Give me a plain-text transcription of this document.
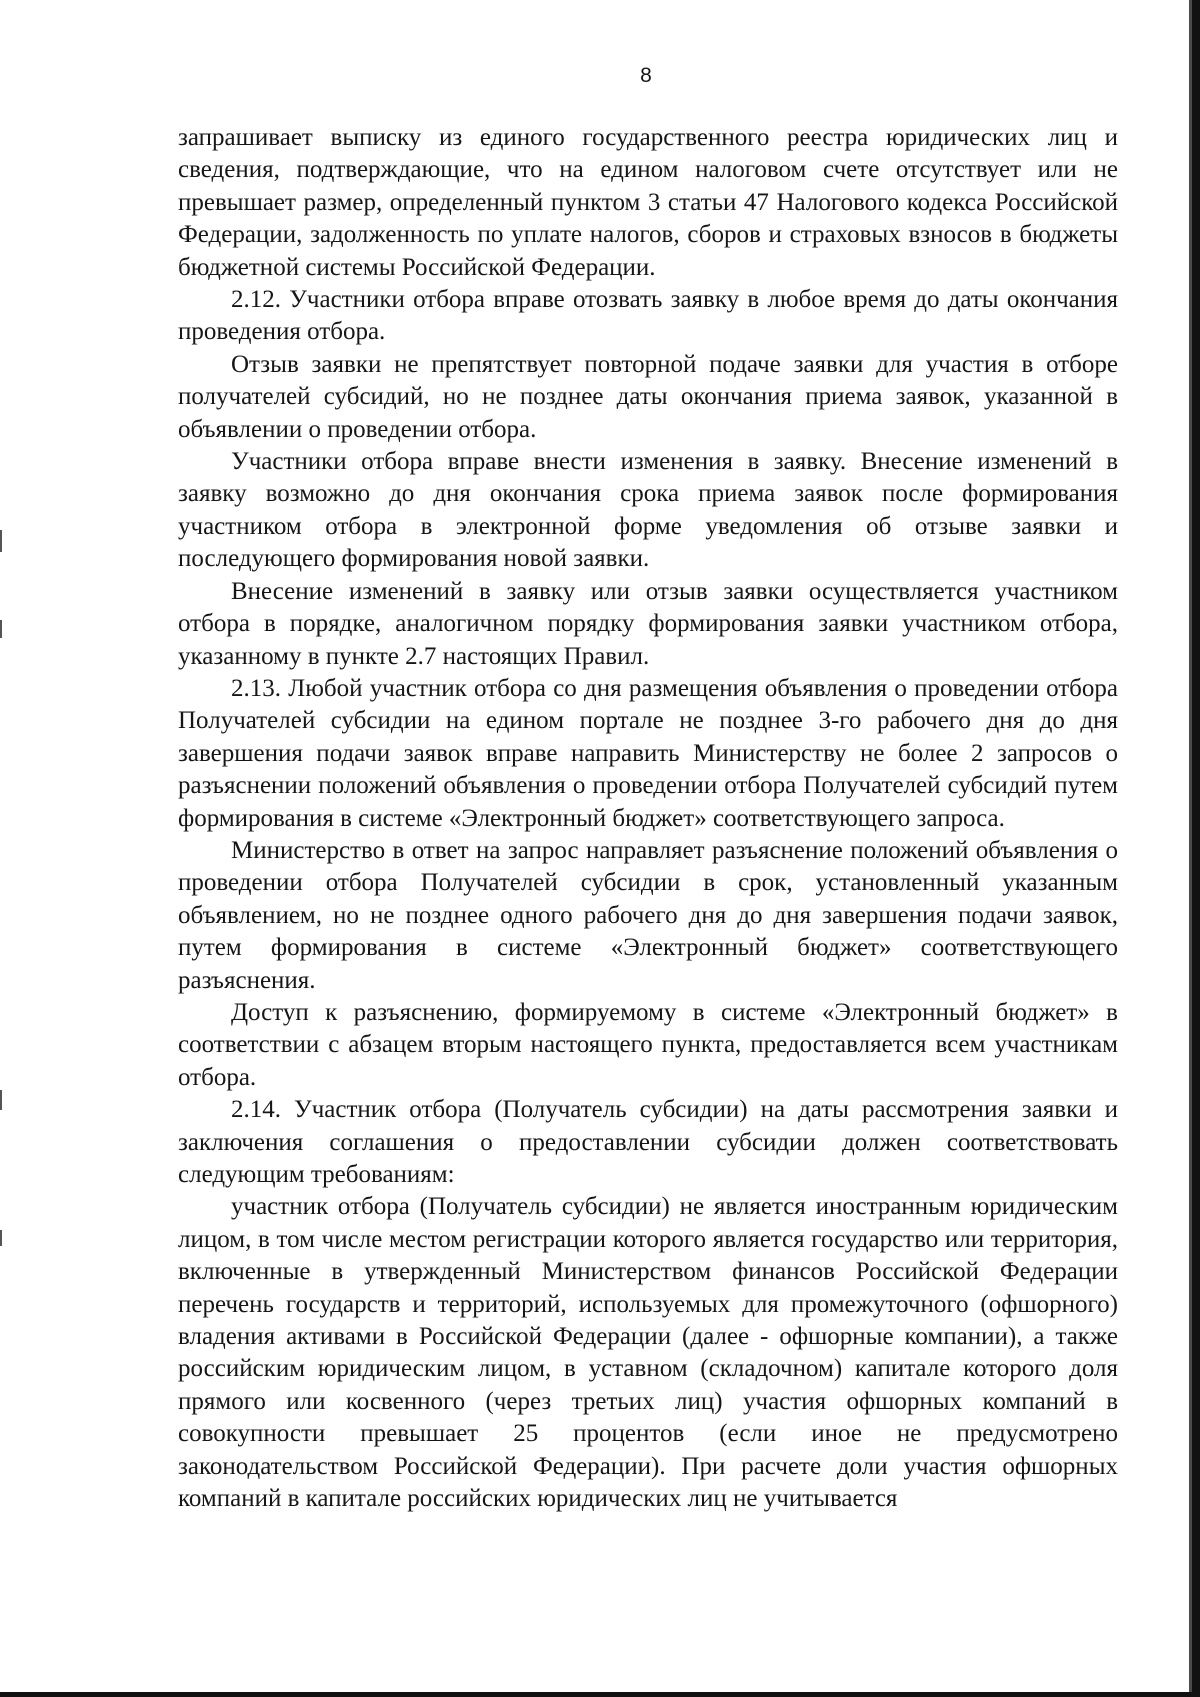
8

запрашивает выписку из единого государственного реестра юридических лиц и сведения, подтверждающие, что на едином налоговом счете отсутствует или не превышает размер, определенный пунктом 3 статьи 47 Налогового кодекса Российской Федерации, задолженность по уплате налогов, сборов и страховых взносов в бюджеты бюджетной системы Российской Федерации.

2.12. Участники отбора вправе отозвать заявку в любое время до даты окончания проведения отбора.

Отзыв заявки не препятствует повторной подаче заявки для участия в отборе получателей субсидий, но не позднее даты окончания приема заявок, указанной в объявлении о проведении отбора.

Участники отбора вправе внести изменения в заявку. Внесение изменений в заявку возможно до дня окончания срока приема заявок после формирования участником отбора в электронной форме уведомления об отзыве заявки и последующего формирования новой заявки.

Внесение изменений в заявку или отзыв заявки осуществляется участником отбора в порядке, аналогичном порядку формирования заявки участником отбора, указанному в пункте 2.7 настоящих Правил.

2.13. Любой участник отбора со дня размещения объявления о проведении отбора Получателей субсидии на едином портале не позднее 3-го рабочего дня до дня завершения подачи заявок вправе направить Министерству не более 2 запросов о разъяснении положений объявления о проведении отбора Получателей субсидий путем формирования в системе «Электронный бюджет» соответствующего запроса.

Министерство в ответ на запрос направляет разъяснение положений объявления о проведении отбора Получателей субсидии в срок, установленный указанным объявлением, но не позднее одного рабочего дня до дня завершения подачи заявок, путем формирования в системе «Электронный бюджет» соответствующего разъяснения.

Доступ к разъяснению, формируемому в системе «Электронный бюджет» в соответствии с абзацем вторым настоящего пункта, предоставляется всем участникам отбора.

2.14. Участник отбора (Получатель субсидии) на даты рассмотрения заявки и заключения соглашения о предоставлении субсидии должен соответствовать следующим требованиям:

участник отбора (Получатель субсидии) не является иностранным юридическим лицом, в том числе местом регистрации которого является государство или территория, включенные в утвержденный Министерством финансов Российской Федерации перечень государств и территорий, используемых для промежуточного (офшорного) владения активами в Российской Федерации (далее - офшорные компании), а также российским юридическим лицом, в уставном (складочном) капитале которого доля прямого или косвенного (через третьих лиц) участия офшорных компаний в совокупности превышает 25 процентов (если иное не предусмотрено законодательством Российской Федерации). При расчете доли участия офшорных компаний в капитале российских юридических лиц не учитывается
